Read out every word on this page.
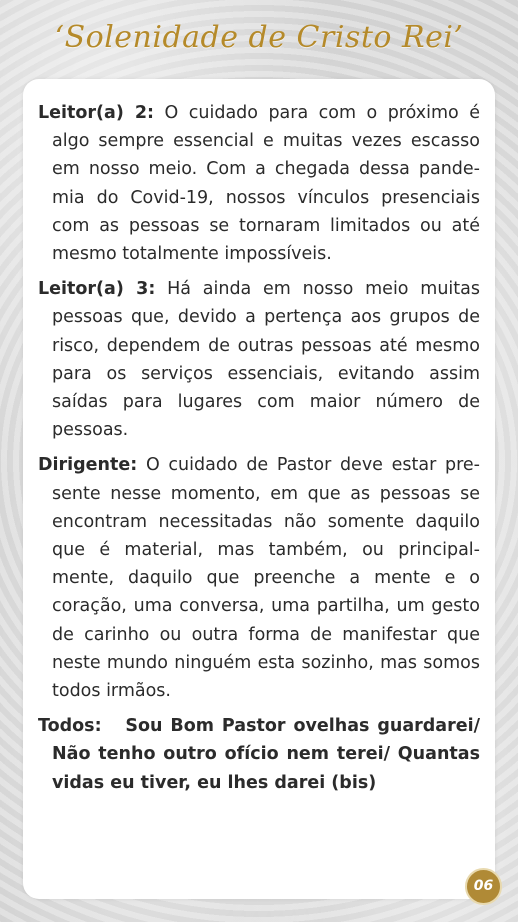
‘Solenidade de Cristo Rei’

Leitor(a) 2: O cuidado para com o próximo é algo sempre essencial e muitas vezes escasso em nosso meio. Com a chegada dessa pandemia do Covid-19, nossos vínculos presenciais com as pessoas se tornaram limitados ou até mesmo totalmente impossíveis.

Leitor(a) 3: Há ainda em nosso meio muitas pessoas que, devido a pertença aos grupos de risco, dependem de outras pessoas até mesmo para os serviços essenciais, evitando assim saídas para lugares com maior número de pessoas.

Dirigente: O cuidado de Pastor deve estar presente nesse momento, em que as pessoas se encontram necessitadas não somente daquilo que é material, mas também, ou principalmente, daquilo que preenche a mente e o coração, uma conversa, uma partilha, um gesto de carinho ou outra forma de manifestar que neste mundo ninguém esta sozinho, mas somos todos irmãos.

Todos: Sou Bom Pastor ovelhas guardarei/ Não tenho outro ofício nem terei/ Quantas vidas eu tiver, eu lhes darei (bis)

06
